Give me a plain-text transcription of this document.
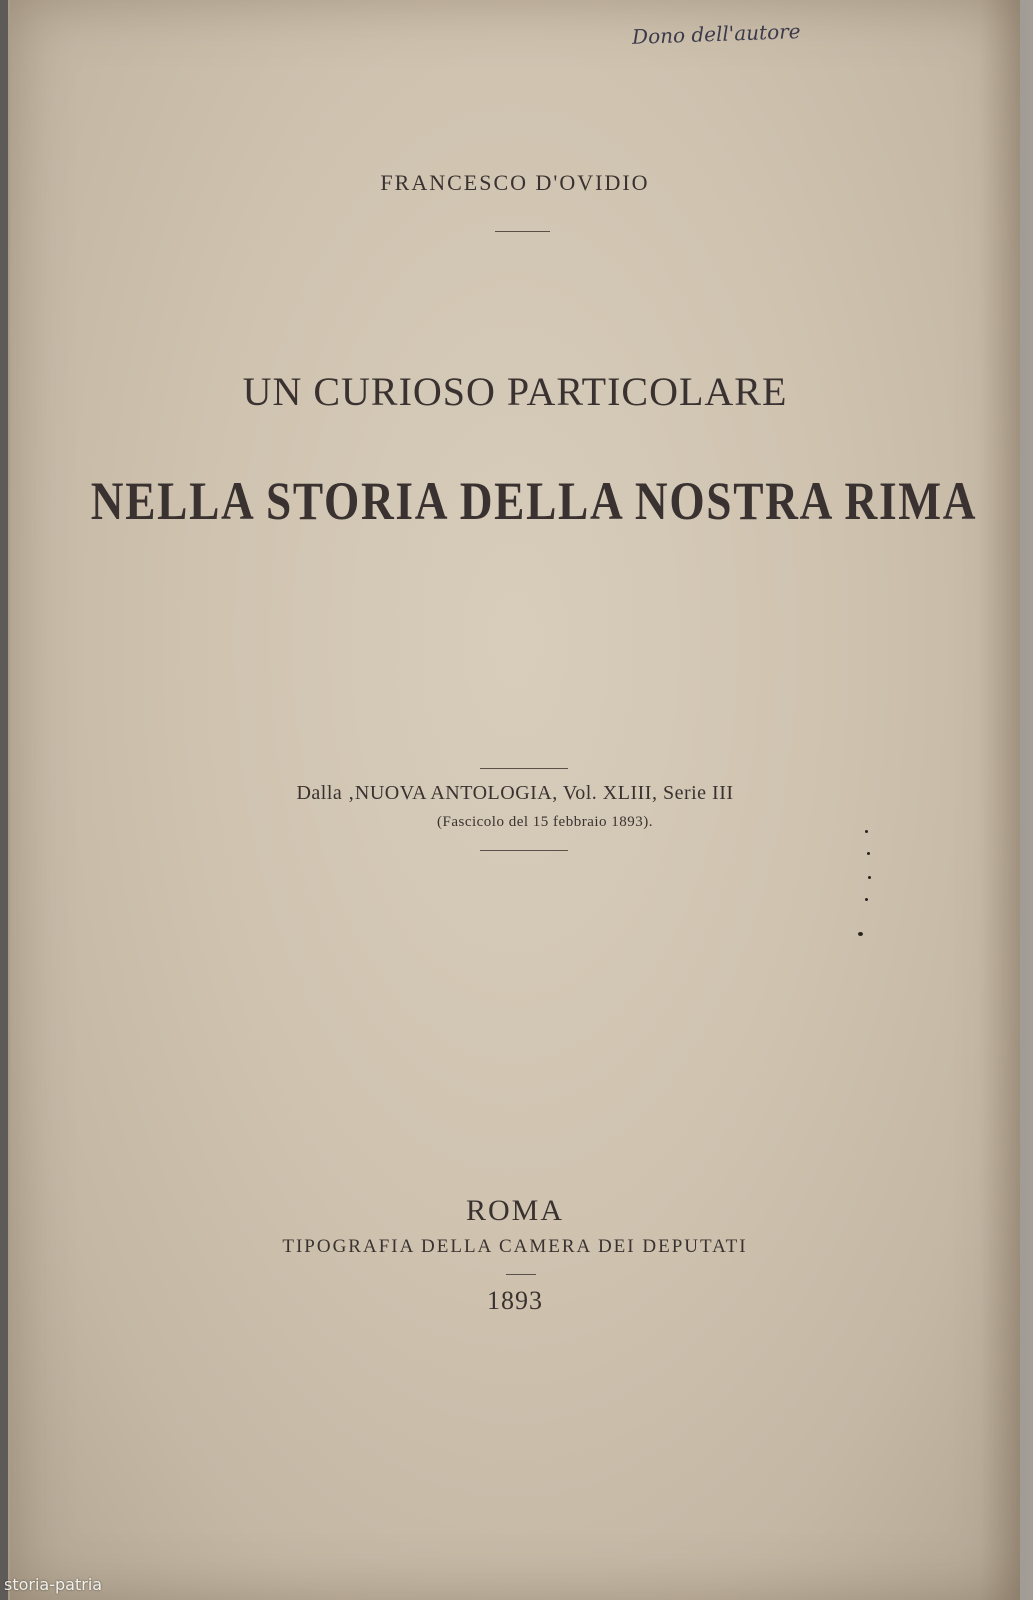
Dono dell'autore
FRANCESCO D'OVIDIO
UN CURIOSO PARTICOLARE
NELLA STORIA DELLA NOSTRA RIMA
Dalla ‚NUOVA ANTOLOGIA, Vol. XLIII, Serie III
(Fascicolo del 15 febbraio 1893).
ROMA
TIPOGRAFIA DELLA CAMERA DEI DEPUTATI
1893
storia-patria
